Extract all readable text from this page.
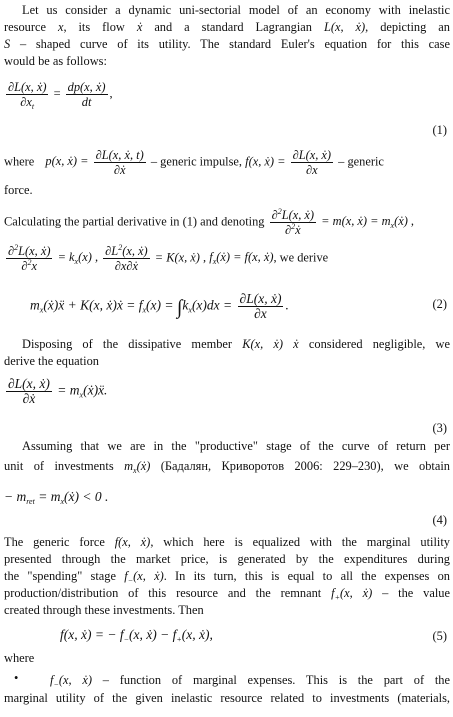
Let us consider a dynamic uni-sectorial model of an economy with inelastic
resource x, its flow ẋ and a standard Lagrangian L(x, ẋ), depicting an
S – shaped curve of its utility. The standard Euler's equation for this case
would be as follows:
$\frac{\text{∂L(x, ẋ)}}{\partial x_t} = \frac{\text{dp(x, ẋ)}}{dt}$ ,
(1)
where p(x, ẋ) = $\frac{\text{∂L(x, ẋ, t)}}{\text{∂ẋ}}$ – generic impulse, f(x, ẋ) = $\frac{\text{∂L(x, ẋ)}}{\partial x}$ – generic
force.
Calculating the partial derivative in (1) and denoting $\frac{\partial^2L(x, ẋ)}{\partial^2ẋ} = m(x$, ẋ) = $m_x(ẋ)$ ,
$\frac{\partial^2L(x, ẋ)}{\partial^2x} = k_x(x)$ , $\frac{\partial L^2(x, ẋ)}{\text{∂x∂ẋ}} = K(x$, ẋ) , $f_x(ẋ) = f(x$, ẋ), we derive
$m_x(ẋ)ẍ + K(x$, ẋ)ẋ = $f_x(x) = \int k_x(x)dx = \frac{\text{∂L(x, ẋ)}}{\partial x}$ .	(2)
Disposing of the dissipative member K(x, ẋ) ẋ considered negligible, we
derive the equation
$\frac{\text{∂L(x, ẋ)}}{\text{∂ẋ}}$ = $m_x(ẋ)ẍ$.
(3)
Assuming that we are in the "productive" stage of the curve of return per
unit of investments $m_x(ẋ)$ (Бадалян, Криворотов 2006: 229–230), we obtain
− $m_{ret}$ = $m_x(ẋ) < 0$ .
(4)
The generic force f(x, ẋ), which here is equalized with the marginal utility
presented through the market price, is generated by the expenditures during
the "spending" stage $f_-(x$, ẋ). In its turn, this is equal to all the expenses on
production/distribution of this resource and the remnant $f_+(x$, ẋ) – the value
created through these investments. Then
f(x, ẋ) = − $f_-(x$, ẋ) − $f_+(x$, ẋ),	(5)
where
•	$f_-(x$, ẋ) – function of marginal expenses. This is the part of the
marginal utility of the given inelastic resource related to investments (materials,
